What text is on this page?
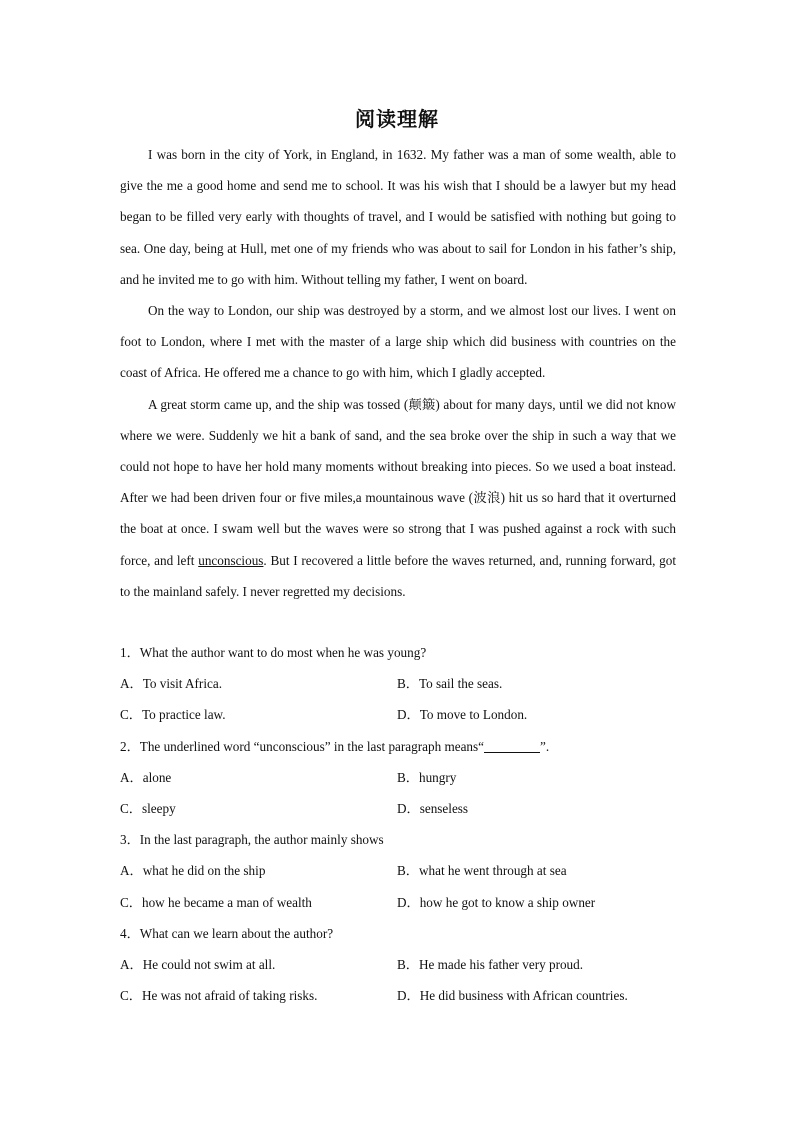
阅读理解

I was born in the city of York, in England, in 1632. My father was a man of some wealth, able to give the me a good home and send me to school. It was his wish that I should be a lawyer but my head began to be filled very early with thoughts of travel, and I would be satisfied with nothing but going to sea. One day, being at Hull, met one of my friends who was about to sail for London in his father’s ship, and he invited me to go with him. Without telling my father, I went on board.

On the way to London, our ship was destroyed by a storm, and we almost lost our lives. I went on foot to London, where I met with the master of a large ship which did business with countries on the coast of Africa. He offered me a chance to go with him, which I gladly accepted.

A great storm came up, and the ship was tossed (颠簸) about for many days, until we did not know where we were. Suddenly we hit a bank of sand, and the sea broke over the ship in such a way that we could not hope to have her hold many moments without breaking into pieces. So we used a boat instead. After we had been driven four or five miles,a mountainous wave (波浪) hit us so hard that it overturned the boat at once. I swam well but the waves were so strong that I was pushed against a rock with such force, and left unconscious. But I recovered a little before the waves returned, and, running forward, got to the mainland safely. I never regretted my decisions.

1．What the author want to do most when he was young?

A．To visit Africa.	B．To sail the seas.
C．To practice law.	D．To move to London.

2．The underlined word “unconscious” in the last paragraph means“	”.

A．alone	B．hungry
C．sleepy	D．senseless

3．In the last paragraph, the author mainly shows

A．what he did on the ship	B．what he went through at sea
C．how he became a man of wealth	D．how he got to know a ship owner

4．What can we learn about the author?

A．He could not swim at all.	B．He made his father very proud.
C．He was not afraid of taking risks.	D．He did business with African countries.
